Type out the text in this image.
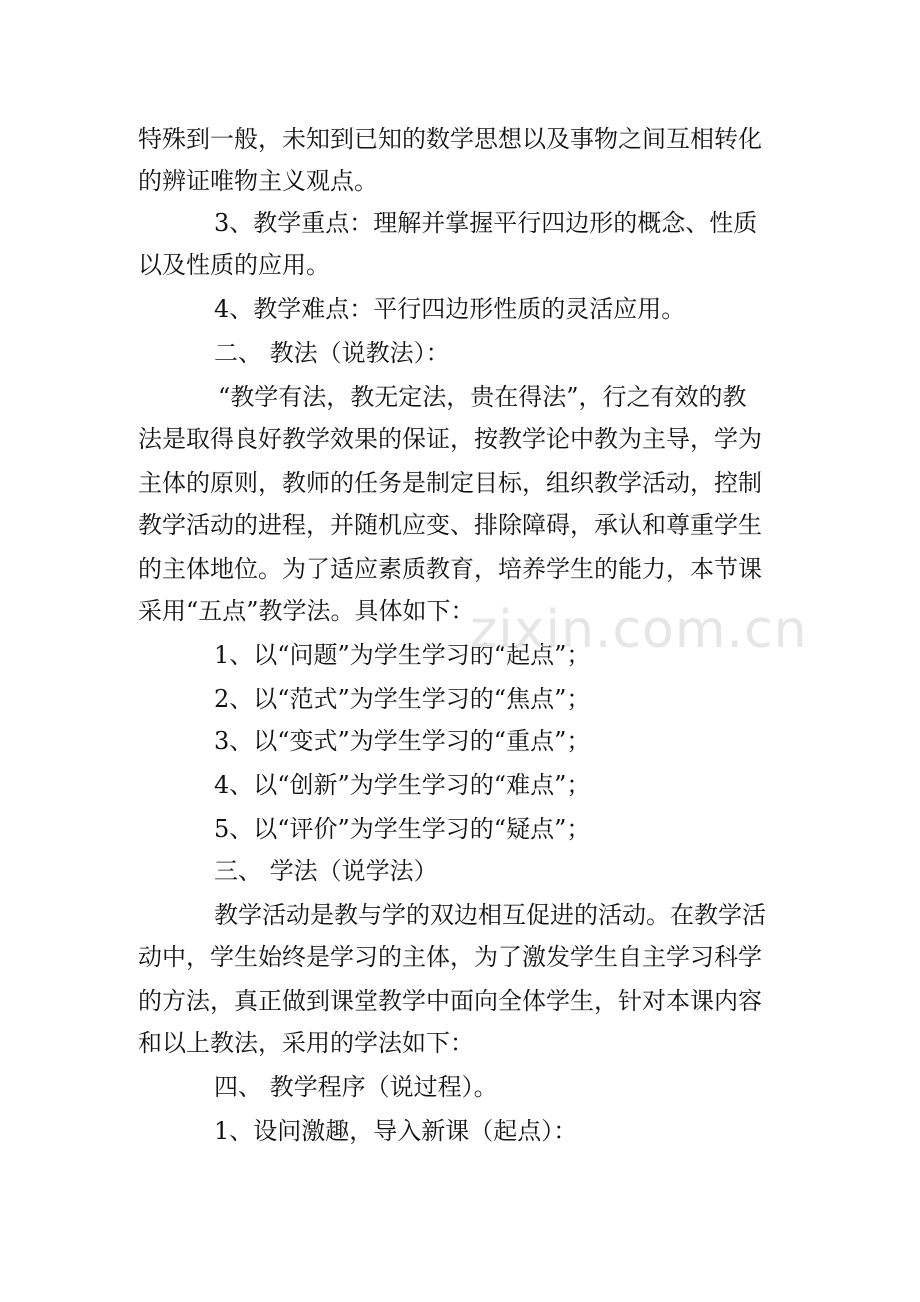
特殊到一般，未知到已知的数学思想以及事物之间互相转化
的辨证唯物主义观点。
3、教学重点：理解并掌握平行四边形的概念、性质
以及性质的应用。
4、教学难点：平行四边形性质的灵活应用。
二、 教法（说教法）：
“教学有法，教无定法，贵在得法”，行之有效的教
法是取得良好教学效果的保证，按教学论中教为主导，学为
主体的原则，教师的任务是制定目标，组织教学活动，控制
教学活动的进程，并随机应变、排除障碍，承认和尊重学生
的主体地位。为了适应素质教育，培养学生的能力，本节课
采用“五点”教学法。具体如下：
1、以“问题”为学生学习的“起点”；
2、以“范式”为学生学习的“焦点”；
3、以“变式”为学生学习的“重点”；
4、以“创新”为学生学习的“难点”；
5、以“评价”为学生学习的“疑点”；
三、 学法（说学法）
教学活动是教与学的双边相互促进的活动。在教学活
动中，学生始终是学习的主体，为了激发学生自主学习科学
的方法，真正做到课堂教学中面向全体学生，针对本课内容
和以上教法，采用的学法如下：
四、 教学程序（说过程）。
1、设问激趣，导入新课（起点）：
zixin.com.cn
